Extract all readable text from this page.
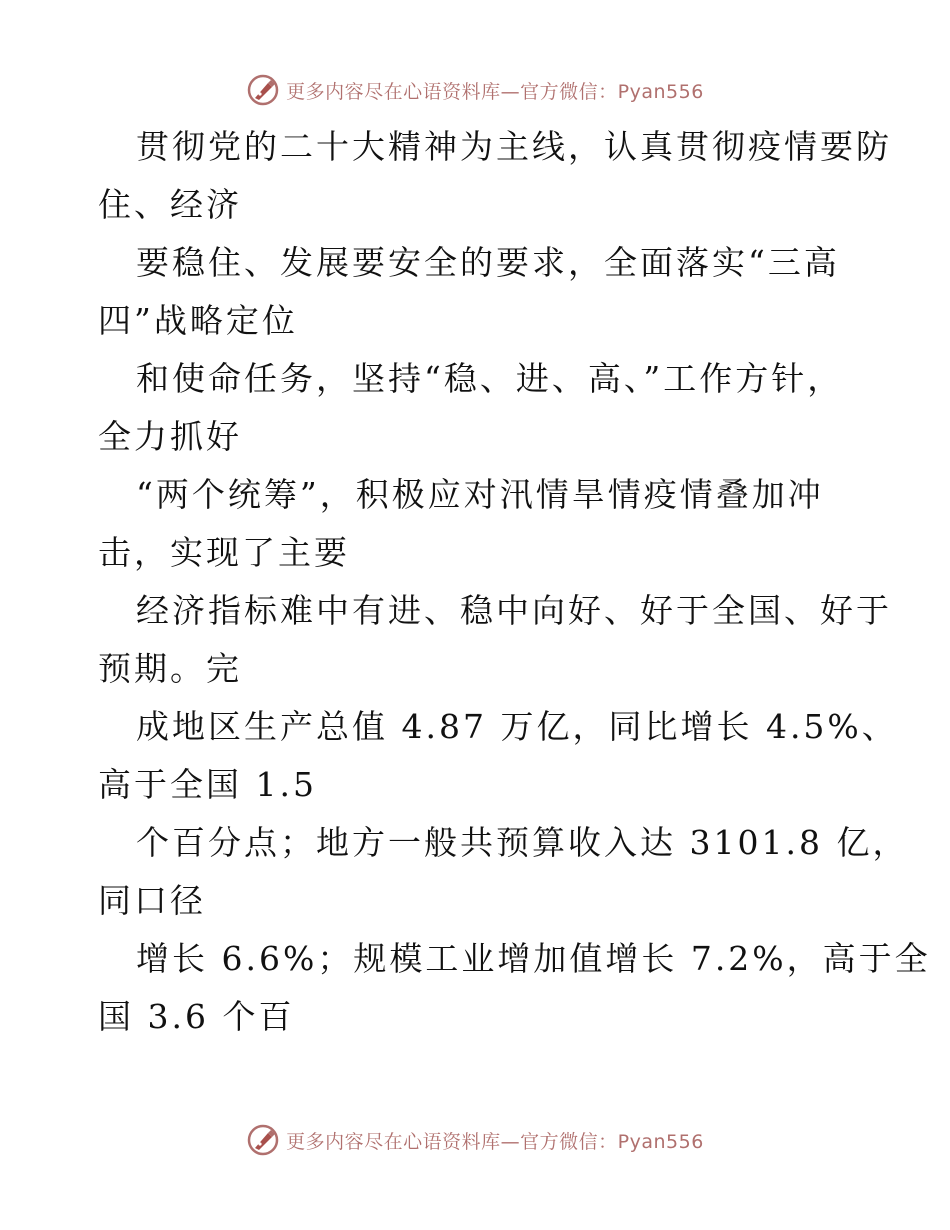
更多内容尽在心语资料库—官方微信：Pyan556

贯彻党的二十大精神为主线，认真贯彻疫情要防
住、经济

要稳住、发展要安全的要求，全面落实“三高
四”战略定位

和使命任务，坚持“稳、进、高、”工作方针，
全力抓好

“两个统筹”，积极应对汛情旱情疫情叠加冲
击，实现了主要

经济指标难中有进、稳中向好、好于全国、好于
预期。完

成地区生产总值 4.87 万亿，同比增长 4.5%、
高于全国 1.5

个百分点；地方一般共预算收入达 3101.8 亿，
同口径

增长 6.6%；规模工业增加值增长 7.2%，高于全
国 3.6 个百

更多内容尽在心语资料库—官方微信：Pyan556
